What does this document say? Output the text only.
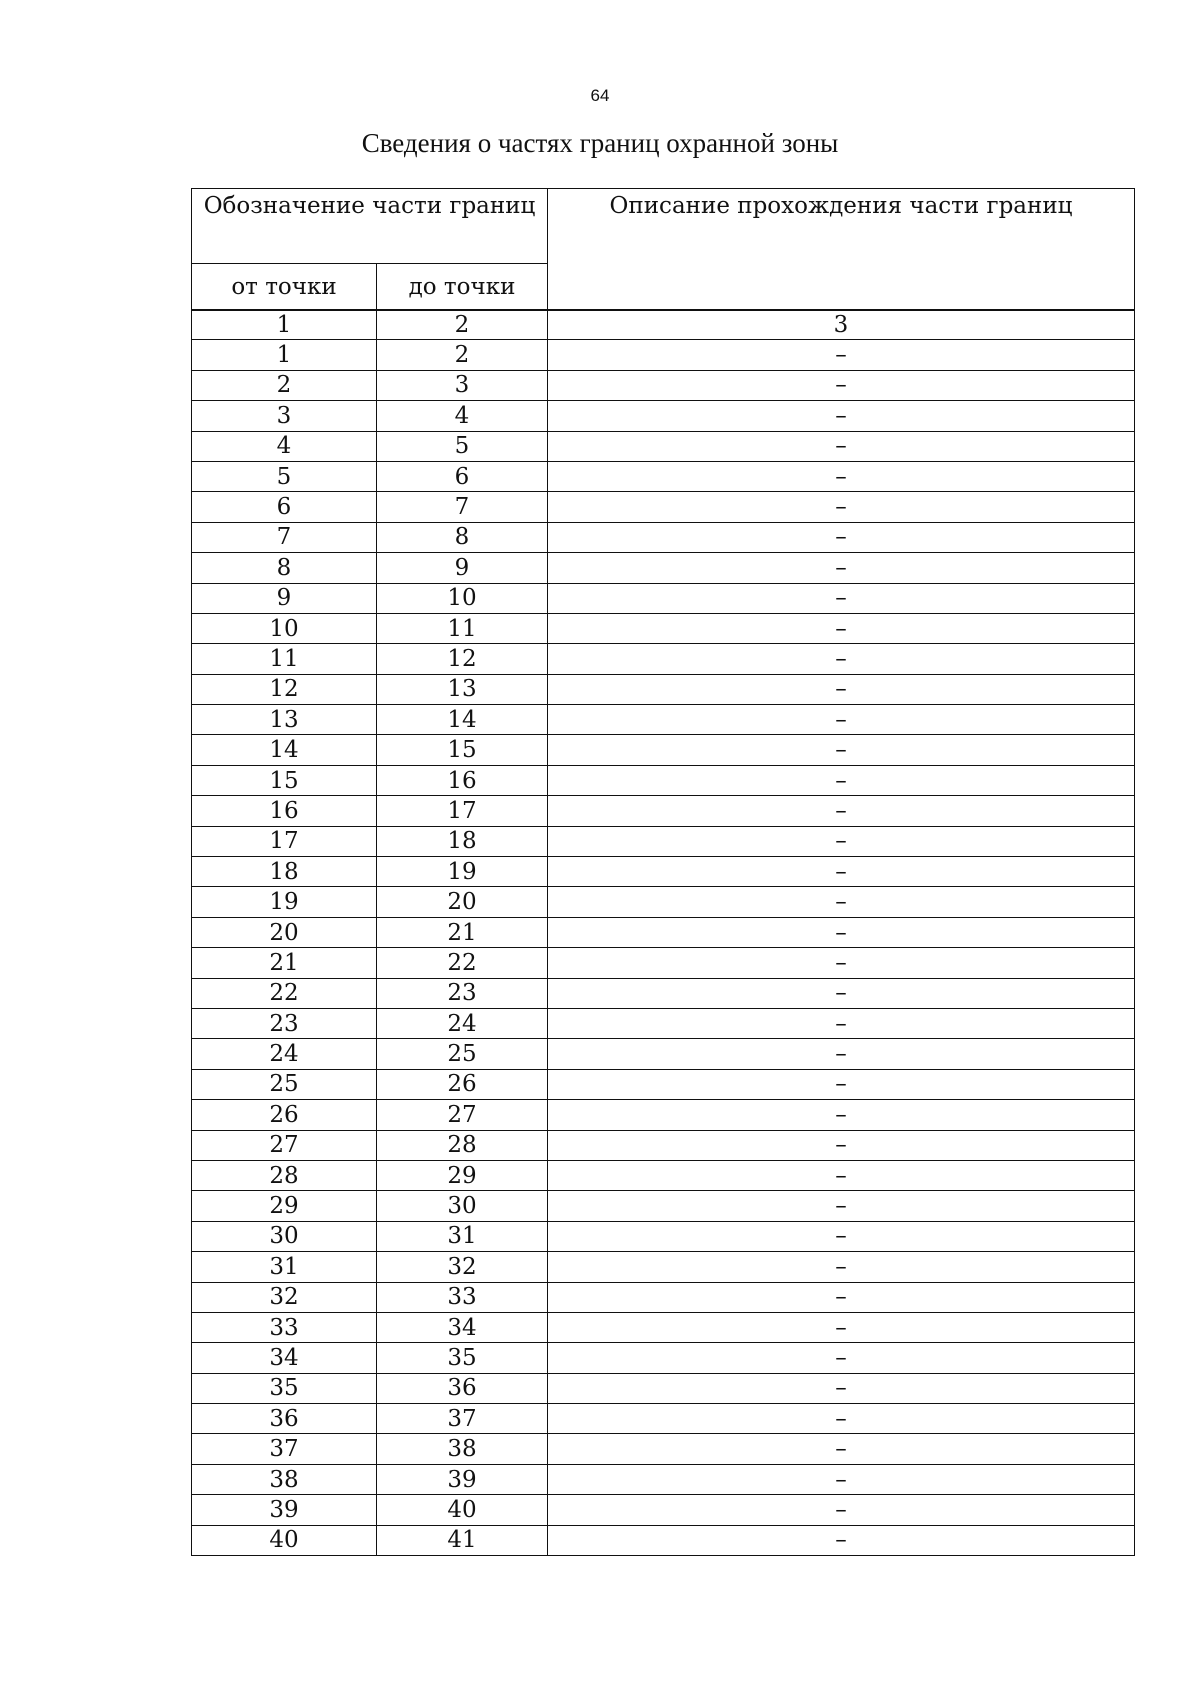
64
Сведения о частях границ охранной зоны
Обозначение части границ		Описание прохождения части границ
от точки	до точки	
1	2	3
1	2	–
2	3	–
3	4	–
4	5	–
5	6	–
6	7	–
7	8	–
8	9	–
9	10	–
10	11	–
11	12	–
12	13	–
13	14	–
14	15	–
15	16	–
16	17	–
17	18	–
18	19	–
19	20	–
20	21	–
21	22	–
22	23	–
23	24	–
24	25	–
25	26	–
26	27	–
27	28	–
28	29	–
29	30	–
30	31	–
31	32	–
32	33	–
33	34	–
34	35	–
35	36	–
36	37	–
37	38	–
38	39	–
39	40	–
40	41	–
